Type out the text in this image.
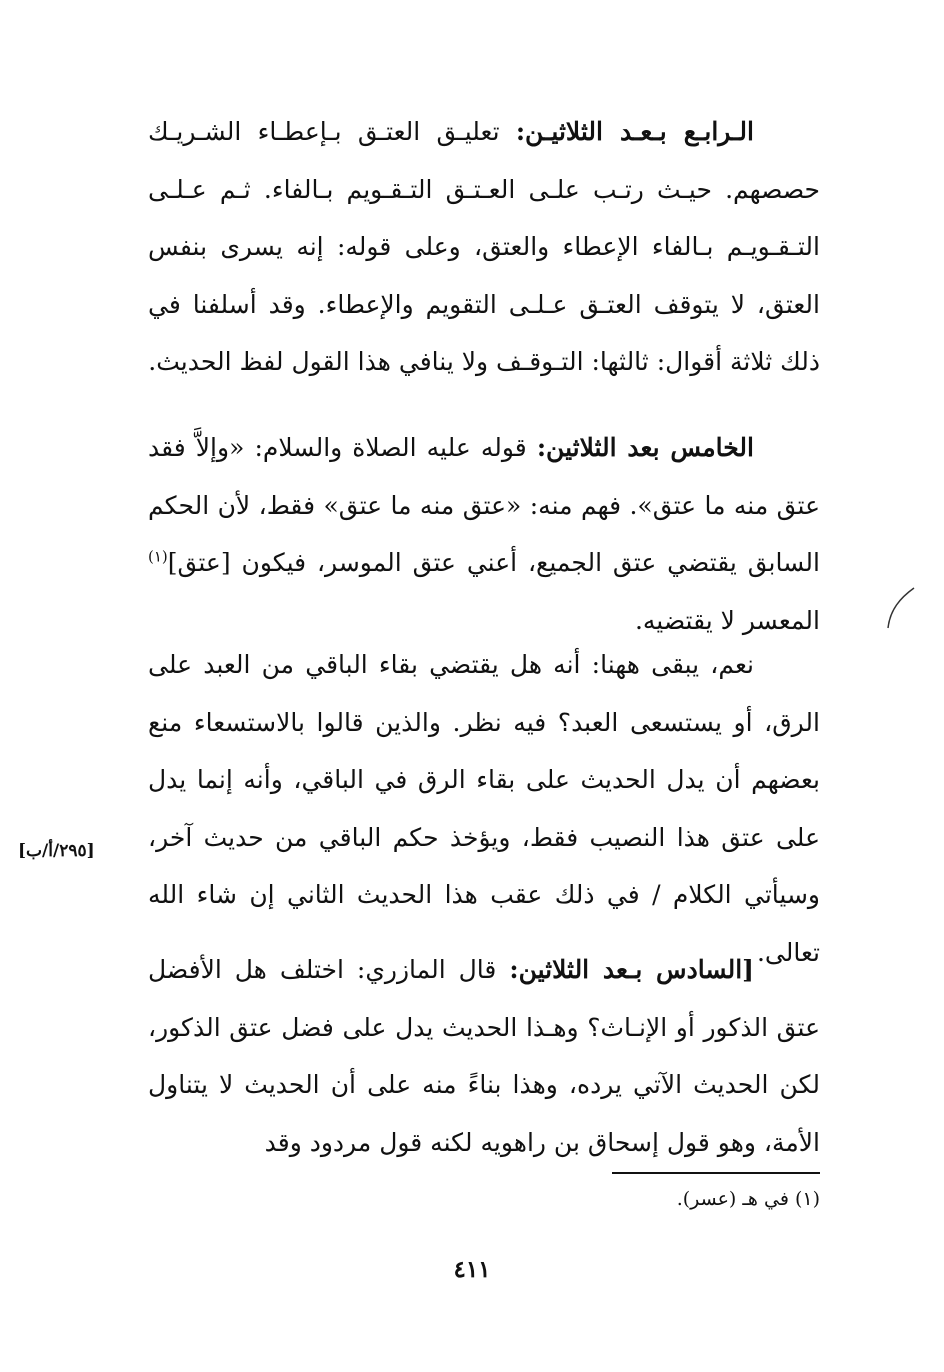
الـرابـع بـعـد الثلاثيـن: تعليـق العتـق بـإعطـاء الشـريـك حصصهم. حيـث رتـب علـى العـتـق التـقـويم بـالفاء. ثـم عـلـى التـقـويـم بـالفاء الإعطاء والعتق، وعلى قوله: إنه يسرى بنفس العتق، لا يتوقف العتـق عـلـى التقويم والإعطاء. وقد أسلفنا في ذلك ثلاثة أقوال: ثالثها: التـوقـف ولا ينافي هذا القول لفظ الحديث.

الخامس بعد الثلاثين: قوله عليه الصلاة والسلام: «وإلاَّ فقد عتق منه ما عتق». فهم منه: «عتق منه ما عتق» فقط، لأن الحكم السابق يقتضي عتق الجميع، أعني عتق الموسر، فيكون [عتق]$^{(١)}$ المعسر لا يقتضيه.

نعم، يبقى ههنا: أنه هل يقتضي بقاء الباقي من العبد على الرق، أو يستسعى العبد؟ فيه نظر. والذين قالوا بالاستسعاء منع بعضهم أن يدل الحديث على بقاء الرق في الباقي، وأنه إنما يدل على عتق هذا النصيب فقط، ويؤخذ حكم الباقي من حديث آخر، وسيأتي الكلام / في ذلك عقب هذا الحديث الثاني إن شاء الله تعالى.

[٢٩٥/أ/ب]

[السادس بـعد الثلاثين: قال المازري: اختلف هل الأفضل عتق الذكور أو الإنـاث؟ وهـذا الحديث يدل على فضل عتق الذكور، لكن الحديث الآتي يرده، وهذا بناءً منه على أن الحديث لا يتناول الأمة، وهو قول إسحاق بن راهويه لكنه قول مردود وقد

(١) في هـ (عسر).
٤١١
